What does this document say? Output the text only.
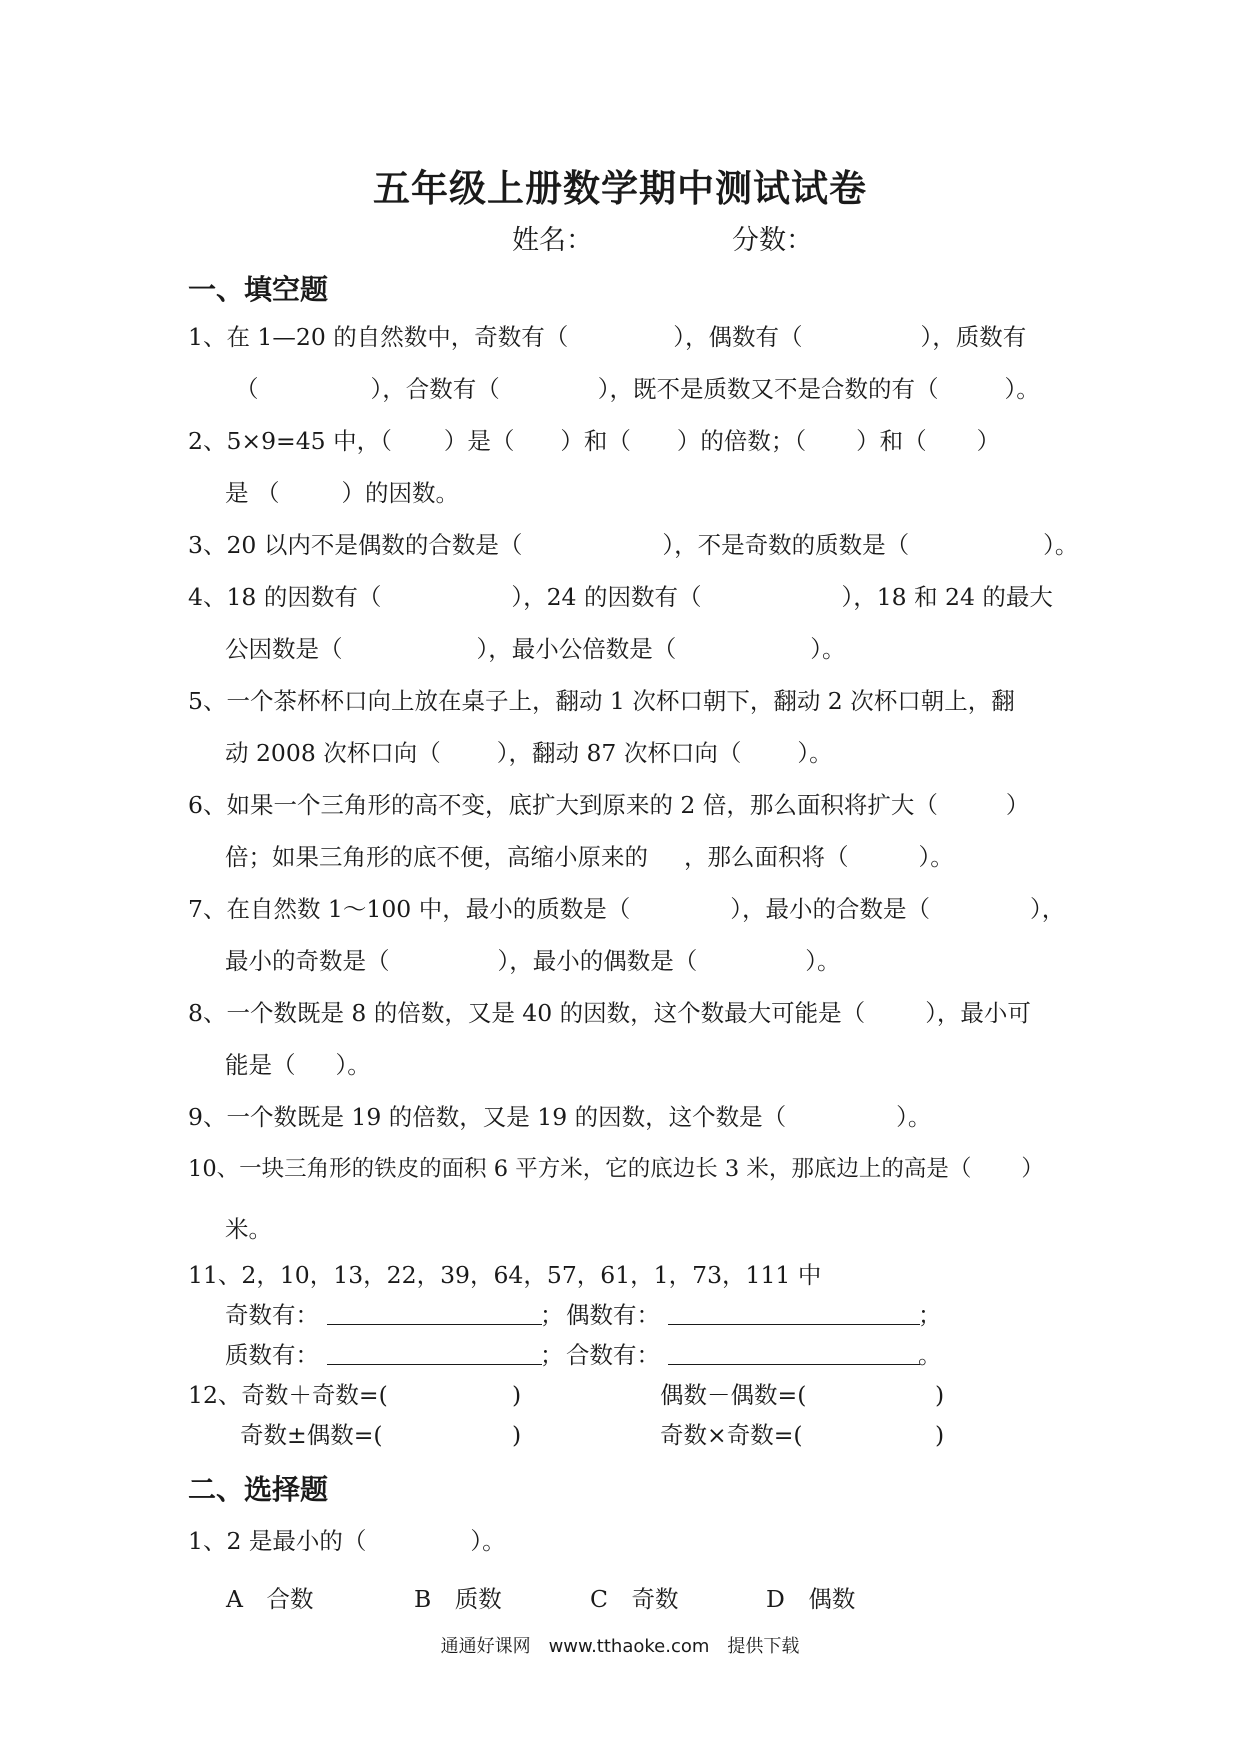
五年级上册数学期中测试试卷
姓名：	分数：
一、填空题
1、在 1—20 的自然数中，奇数有（	），偶数有（	），质数有
（	），合数有（	），既不是质数又不是合数的有（	）。
2、5×9=45 中，（ ）是（ ）和（ ）的倍数；（ ）和（ ）
是 （	）的因数。
3、20 以内不是偶数的合数是（	），不是奇数的质数是（	）。
4、18 的因数有（	），24 的因数有（	），18 和 24 的最大
公因数是（	），最小公倍数是（	）。
5、一个茶杯杯口向上放在桌子上，翻动 1 次杯口朝下，翻动 2 次杯口朝上，翻
动 2008 次杯口向（ ），翻动 87 次杯口向（ ）。
6、如果一个三角形的高不变，底扩大到原来的 2 倍，那么面积将扩大（	）
倍；如果三角形的底不便，高缩小原来的 ，那么面积将（	）。
7、在自然数 1～100 中，最小的质数是（	），最小的合数是（	），
最小的奇数是（	），最小的偶数是（	）。
8、一个数既是 8 的倍数，又是 40 的因数，这个数最大可能是（	），最小可
能是（ ）。
9、一个数既是 19 的倍数，又是 19 的因数，这个数是（	）。
10、一块三角形的铁皮的面积 6 平方米，它的底边长 3 米，那底边上的高是（ ）
米。
11、2，10，13，22，39，64，57，61，1，73，111 中
奇数有：	； 偶数有：	；
质数有：	； 合数有：	。
12、奇数＋奇数=(	)	偶数－偶数=(	)
奇数±偶数=(	)	奇数×奇数=(	)
二、选择题
1、2 是最小的（	）。
A　合数	B　质数	C　奇数	D　偶数
通通好课网　www.tthaoke.com　提供下载
